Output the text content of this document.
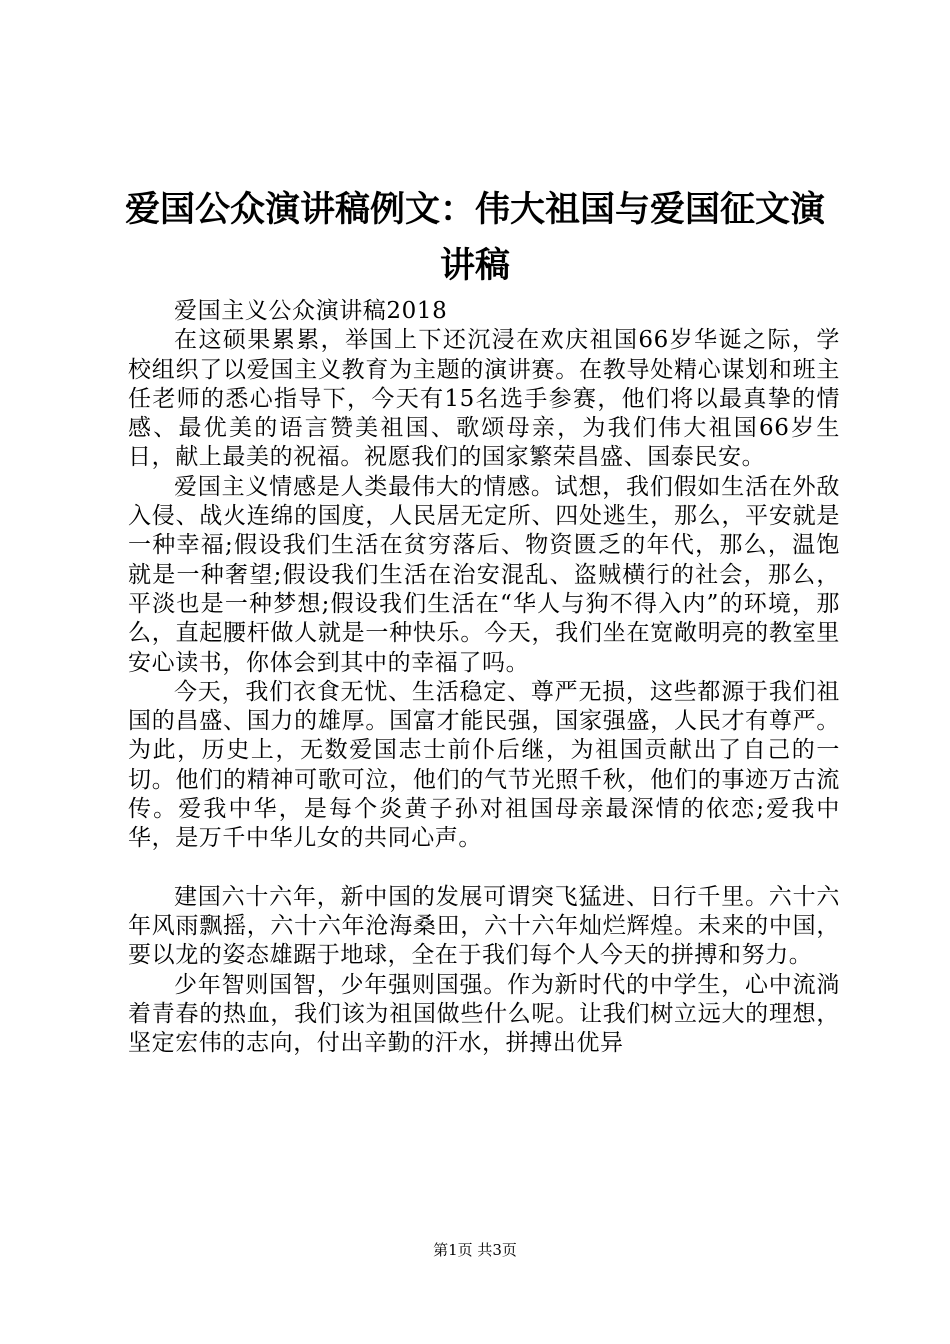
爱国公众演讲稿例文：伟大祖国与爱国征文演讲稿

爱国主义公众演讲稿2018

在这硕果累累，举国上下还沉浸在欢庆祖国66岁华诞之际，学校组织了以爱国主义教育为主题的演讲赛。在教导处精心谋划和班主任老师的悉心指导下，今天有15名选手参赛，他们将以最真挚的情感、最优美的语言赞美祖国、歌颂母亲，为我们伟大祖国66岁生日，献上最美的祝福。祝愿我们的国家繁荣昌盛、国泰民安。

爱国主义情感是人类最伟大的情感。试想，我们假如生活在外敌入侵、战火连绵的国度，人民居无定所、四处逃生，那么，平安就是一种幸福;假设我们生活在贫穷落后、物资匮乏的年代，那么，温饱就是一种奢望;假设我们生活在治安混乱、盗贼横行的社会，那么，平淡也是一种梦想;假设我们生活在“华人与狗不得入内”的环境，那么，直起腰杆做人就是一种快乐。今天，我们坐在宽敞明亮的教室里安心读书，你体会到其中的幸福了吗。

今天，我们衣食无忧、生活稳定、尊严无损，这些都源于我们祖国的昌盛、国力的雄厚。国富才能民强，国家强盛，人民才有尊严。为此，历史上，无数爱国志士前仆后继，为祖国贡献出了自己的一切。他们的精神可歌可泣，他们的气节光照千秋，他们的事迹万古流传。爱我中华，是每个炎黄子孙对祖国母亲最深情的依恋;爱我中华，是万千中华儿女的共同心声。

建国六十六年，新中国的发展可谓突飞猛进、日行千里。六十六年风雨飘摇，六十六年沧海桑田，六十六年灿烂辉煌。未来的中国，要以龙的姿态雄踞于地球，全在于我们每个人今天的拼搏和努力。

少年智则国智，少年强则国强。作为新时代的中学生，心中流淌着青春的热血，我们该为祖国做些什么呢。让我们树立远大的理想，坚定宏伟的志向，付出辛勤的汗水，拼搏出优异

第1页 共3页
